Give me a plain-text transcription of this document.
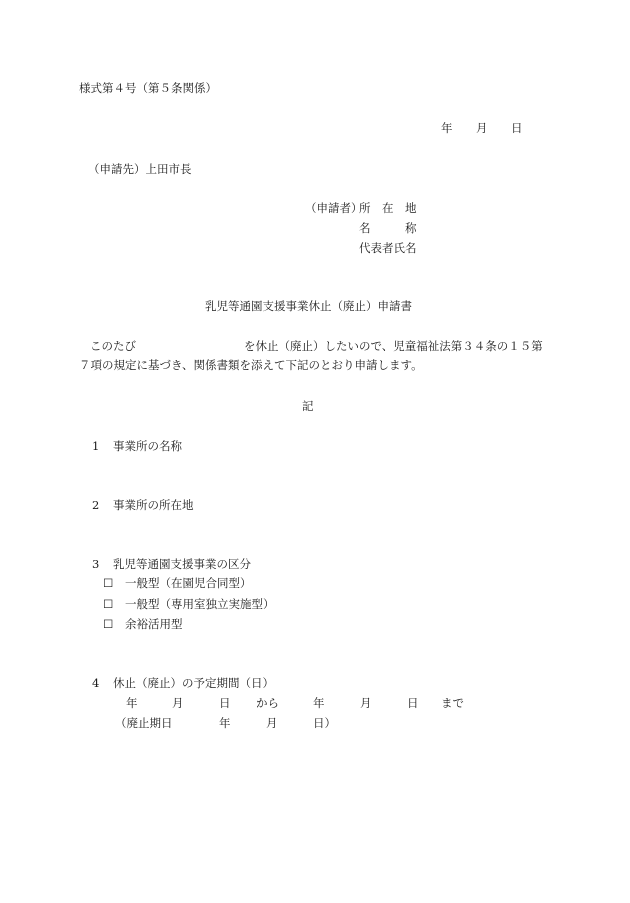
様式第４号（第５条関係）
年 月 日
（申請先）上田市長
（申請者）
所　在　地
名　　　称
代表者氏名
乳児等通園支援事業休止（廃止）申請書
このたび	を休止（廃止）したいので、児童福祉法第３４条の１５第
７項の規定に基づき、関係書類を添えて下記のとおり申請します。
記
1 事業所の名称
2 事業所の所在地
3 乳児等通園支援事業の区分
☐ 一般型（在園児合同型）
☐ 一般型（専用室独立実施型）
☐ 余裕活用型
4 休止（廃止）の予定期間（日）
年	月	日 から	年	月	日 まで
（廃止期日	年	月	日）
